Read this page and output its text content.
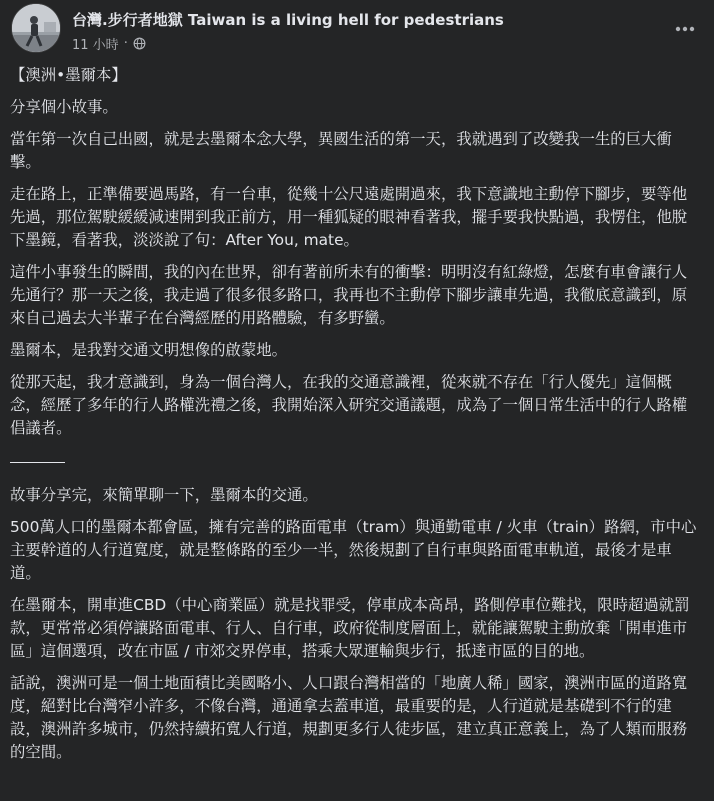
台灣.步行者地獄 Taiwan is a living hell for pedestrians
11 小時 ·

【澳洲•墨爾本】

分享個小故事。

當年第一次自己出國，就是去墨爾本念大學，異國生活的第一天，我就遇到了改變我一生的巨大衝擊。

走在路上，正準備要過馬路，有一台車，從幾十公尺遠處開過來，我下意識地主動停下腳步，要等他先過，那位駕駛緩緩減速開到我正前方，用一種狐疑的眼神看著我，擺手要我快點過，我愣住，他脫下墨鏡，看著我，淡淡說了句：After You, mate。

這件小事發生的瞬間，我的內在世界，卻有著前所未有的衝擊：明明沒有紅綠燈，怎麼有車會讓行人先通行？那一天之後，我走過了很多很多路口，我再也不主動停下腳步讓車先過，我徹底意識到，原來自己過去大半輩子在台灣經歷的用路體驗，有多野蠻。

墨爾本，是我對交通文明想像的啟蒙地。

從那天起，我才意識到，身為一個台灣人，在我的交通意識裡，從來就不存在「行人優先」這個概念，經歷了多年的行人路權洗禮之後，我開始深入研究交通議題，成為了一個日常生活中的行人路權倡議者。

故事分享完，來簡單聊一下，墨爾本的交通。

500萬人口的墨爾本都會區，擁有完善的路面電車（tram）與通勤電車 / 火車（train）路網，市中心主要幹道的人行道寬度，就是整條路的至少一半，然後規劃了自行車與路面電車軌道，最後才是車道。

在墨爾本，開車進CBD（中心商業區）就是找罪受，停車成本高昂，路側停車位難找，限時超過就罰款，更常常必須停讓路面電車、行人、自行車，政府從制度層面上，就能讓駕駛主動放棄「開車進市區」這個選項，改在市區 / 市郊交界停車，搭乘大眾運輸與步行，抵達市區的目的地。

話說，澳洲可是一個土地面積比美國略小、人口跟台灣相當的「地廣人稀」國家，澳洲市區的道路寬度，絕對比台灣窄小許多，不像台灣，通通拿去蓋車道，最重要的是，人行道就是基礎到不行的建設，澳洲許多城市，仍然持續拓寬人行道，規劃更多行人徒步區，建立真正意義上，為了人類而服務的空間。
